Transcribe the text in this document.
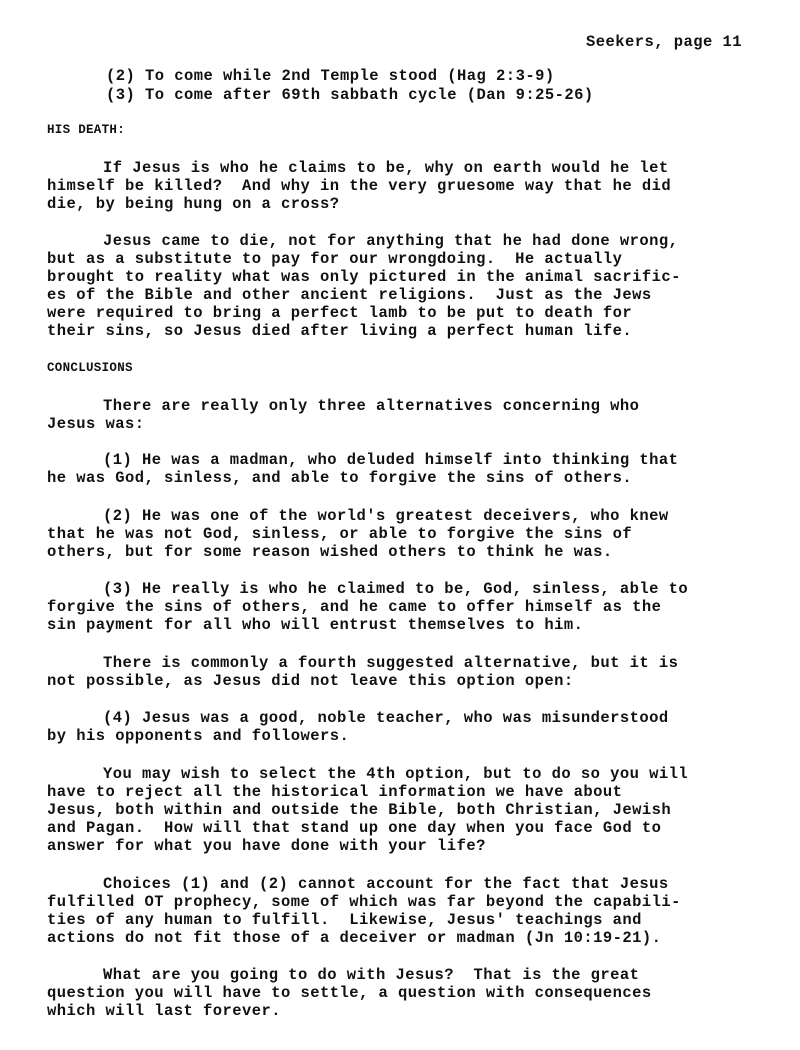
Seekers, page 11
(2) To come while 2nd Temple stood (Hag 2:3-9)
(3) To come after 69th sabbath cycle (Dan 9:25-26)
HIS DEATH:
If Jesus is who he claims to be, why on earth would he let
himself be killed?  And why in the very gruesome way that he did
die, by being hung on a cross?
Jesus came to die, not for anything that he had done wrong,
but as a substitute to pay for our wrongdoing.  He actually
brought to reality what was only pictured in the animal sacrific-
es of the Bible and other ancient religions.  Just as the Jews
were required to bring a perfect lamb to be put to death for
their sins, so Jesus died after living a perfect human life.
CONCLUSIONS
There are really only three alternatives concerning who
Jesus was:
(1) He was a madman, who deluded himself into thinking that
he was God, sinless, and able to forgive the sins of others.
(2) He was one of the world's greatest deceivers, who knew
that he was not God, sinless, or able to forgive the sins of
others, but for some reason wished others to think he was.
(3) He really is who he claimed to be, God, sinless, able to
forgive the sins of others, and he came to offer himself as the
sin payment for all who will entrust themselves to him.
There is commonly a fourth suggested alternative, but it is
not possible, as Jesus did not leave this option open:
(4) Jesus was a good, noble teacher, who was misunderstood
by his opponents and followers.
You may wish to select the 4th option, but to do so you will
have to reject all the historical information we have about
Jesus, both within and outside the Bible, both Christian, Jewish
and Pagan.  How will that stand up one day when you face God to
answer for what you have done with your life?
Choices (1) and (2) cannot account for the fact that Jesus
fulfilled OT prophecy, some of which was far beyond the capabili-
ties of any human to fulfill.  Likewise, Jesus' teachings and
actions do not fit those of a deceiver or madman (Jn 10:19-21).
What are you going to do with Jesus?  That is the great
question you will have to settle, a question with consequences
which will last forever.
